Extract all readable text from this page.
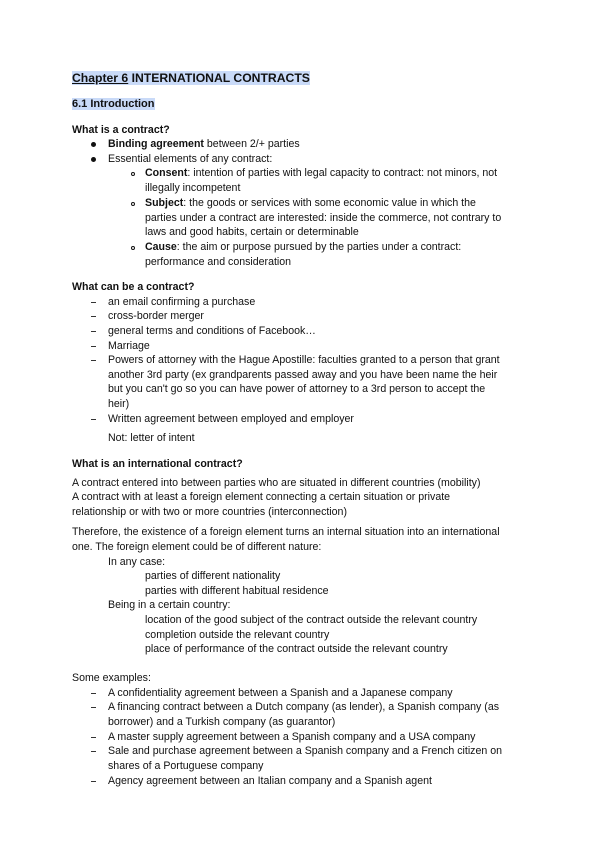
Chapter 6 INTERNATIONAL CONTRACTS
6.1 Introduction
What is a contract?
Binding agreement between 2/+ parties
Essential elements of any contract:
Consent: intention of parties with legal capacity to contract: not minors, not
illegally incompetent
Subject: the goods or services with some economic value in which the
parties under a contract are interested: inside the commerce, not contrary to
laws and good habits, certain or determinable
Cause: the aim or purpose pursued by the parties under a contract:
performance and consideration
What can be a contract?
an email confirming a purchase
cross-border merger
general terms and conditions of Facebook…
Marriage
Powers of attorney with the Hague Apostille: faculties granted to a person that grant
another 3rd party (ex grandparents passed away and you have been name the heir
but you can't go so you can have power of attorney to a 3rd person to accept the
heir)
Written agreement between employed and employer
Not: letter of intent
What is an international contract?
A contract entered into between parties who are situated in different countries (mobility)
A contract with at least a foreign element connecting a certain situation or private
relationship or with two or more countries (interconnection)
Therefore, the existence of a foreign element turns an internal situation into an international
one. The foreign element could be of different nature:
In any case:
parties of different nationality
parties with different habitual residence
Being in a certain country:
location of the good subject of the contract outside the relevant country
completion outside the relevant country
place of performance of the contract outside the relevant country
Some examples:
A confidentiality agreement between a Spanish and a Japanese company
A financing contract between a Dutch company (as lender), a Spanish company (as
borrower) and a Turkish company (as guarantor)
A master supply agreement between a Spanish company and a USA company
Sale and purchase agreement between a Spanish company and a French citizen on
shares of a Portuguese company
Agency agreement between an Italian company and a Spanish agent
